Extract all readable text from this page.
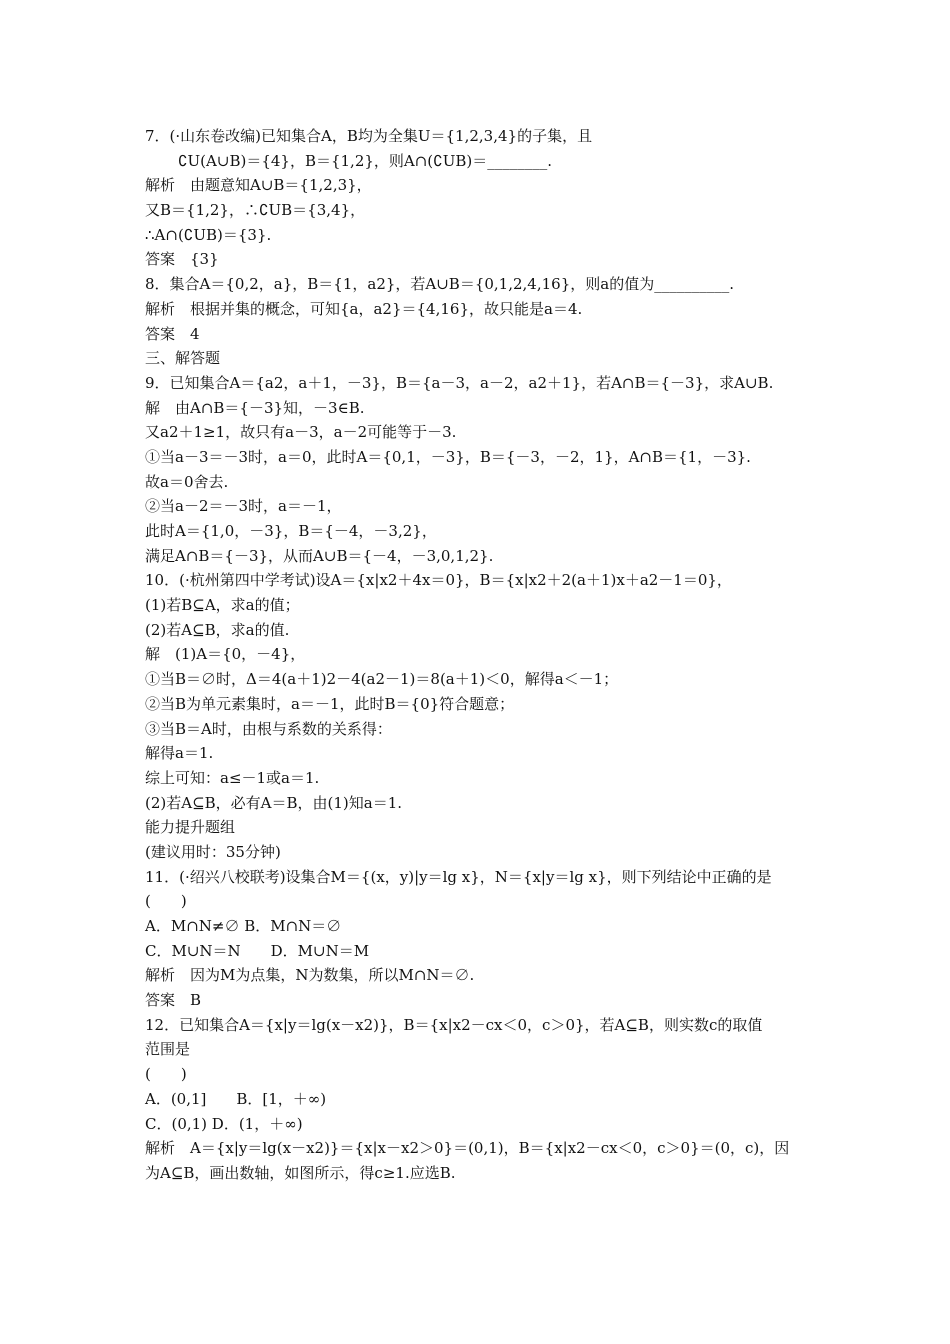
7．(·山东卷改编)已知集合A，B均为全集U＝{1,2,3,4}的子集，且
∁U(A∪B)＝{4}，B＝{1,2}，则A∩(∁UB)＝________.
解析　由题意知A∪B＝{1,2,3}，
又B＝{1,2}，∴∁UB＝{3,4}，
∴A∩(∁UB)＝{3}.
答案　{3}
8．集合A＝{0,2，a}，B＝{1，a2}，若A∪B＝{0,1,2,4,16}，则a的值为__________.
解析　根据并集的概念，可知{a，a2}＝{4,16}，故只能是a＝4.
答案　4
三、解答题
9．已知集合A＝{a2，a＋1，－3}，B＝{a－3，a－2，a2＋1}，若A∩B＝{－3}，求A∪B.
解　由A∩B＝{－3}知，－3∈B.
又a2＋1≥1，故只有a－3，a－2可能等于－3.
①当a－3＝－3时，a＝0，此时A＝{0,1，－3}，B＝{－3，－2，1}，A∩B＝{1，－3}.
故a＝0舍去.
②当a－2＝－3时，a＝－1，
此时A＝{1,0，－3}，B＝{－4，－3,2}，
满足A∩B＝{－3}，从而A∪B＝{－4，－3,0,1,2}.
10．(·杭州第四中学考试)设A＝{x|x2＋4x＝0}，B＝{x|x2＋2(a＋1)x＋a2－1＝0}，
(1)若B⊆A，求a的值；
(2)若A⊆B，求a的值.
解　(1)A＝{0，－4}，
①当B＝∅时，Δ＝4(a＋1)2－4(a2－1)＝8(a＋1)＜0，解得a＜－1；
②当B为单元素集时，a＝－1，此时B＝{0}符合题意；
③当B＝A时，由根与系数的关系得：
解得a＝1.
综上可知：a≤－1或a＝1.
(2)若A⊆B，必有A＝B，由(1)知a＝1.
能力提升题组
(建议用时：35分钟)
11．(·绍兴八校联考)设集合M＝{(x，y)|y＝lg x}，N＝{x|y＝lg x}，则下列结论中正确的是
(　　)
A．M∩N≠∅ B．M∩N＝∅
C．M∪N＝N　　D．M∪N＝M
解析　因为M为点集，N为数集，所以M∩N＝∅.
答案　B
12．已知集合A＝{x|y＝lg(x－x2)}，B＝{x|x2－cx＜0，c＞0}，若A⊆B，则实数c的取值
范围是
(　　)
A．(0,1]　　B．[1，＋∞)
C．(0,1) D．(1，＋∞)
解析　A＝{x|y＝lg(x－x2)}＝{x|x－x2＞0}＝(0,1)，B＝{x|x2－cx＜0，c＞0}＝(0，c)，因
为A⊆B，画出数轴，如图所示，得c≥1.应选B.
